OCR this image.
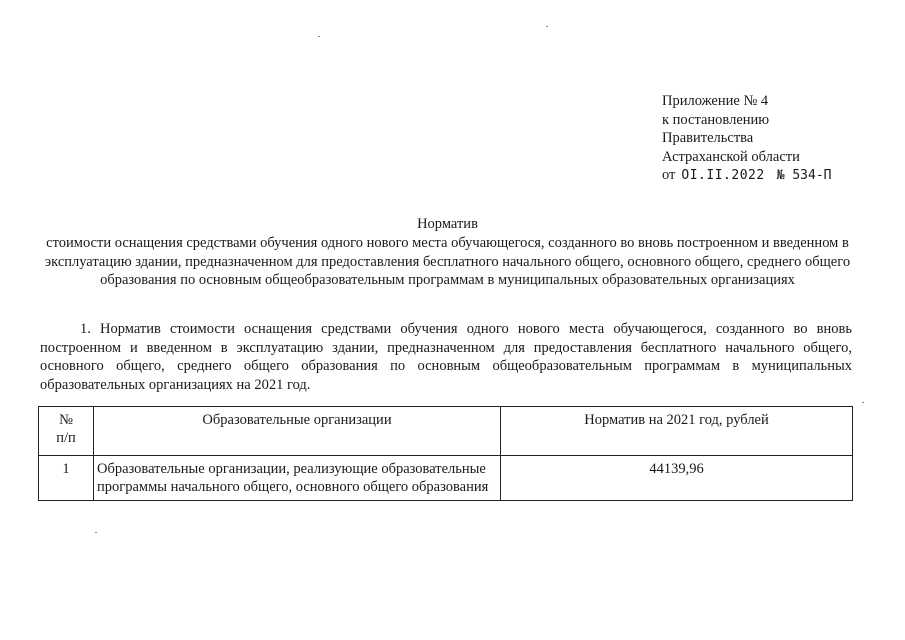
Приложение № 4
к постановлению
Правительства
Астраханской области
от OI.II.2022 № 534-П
Норматив
стоимости оснащения средствами обучения одного нового места обучающегося, созданного во вновь построенном и введенном в эксплуатацию здании, предназначенном для предоставления бесплатного начального общего, основного общего, среднего общего образования по основным общеобразовательным программам в муниципальных образовательных организациях
1. Норматив стоимости оснащения средствами обучения одного нового места обучающегося, созданного во вновь построенном и введенном в эксплуатацию здании, предназначенном для предоставления бесплатного начального общего, основного общего, среднего общего образования по основным общеобразовательным программам в муниципальных образовательных организациях на 2021 год.
№
п/п	Образовательные организации	Норматив на 2021 год, рублей
1	Образовательные организации, реализующие образовательные программы начального общего, основного общего образования	44139,96
